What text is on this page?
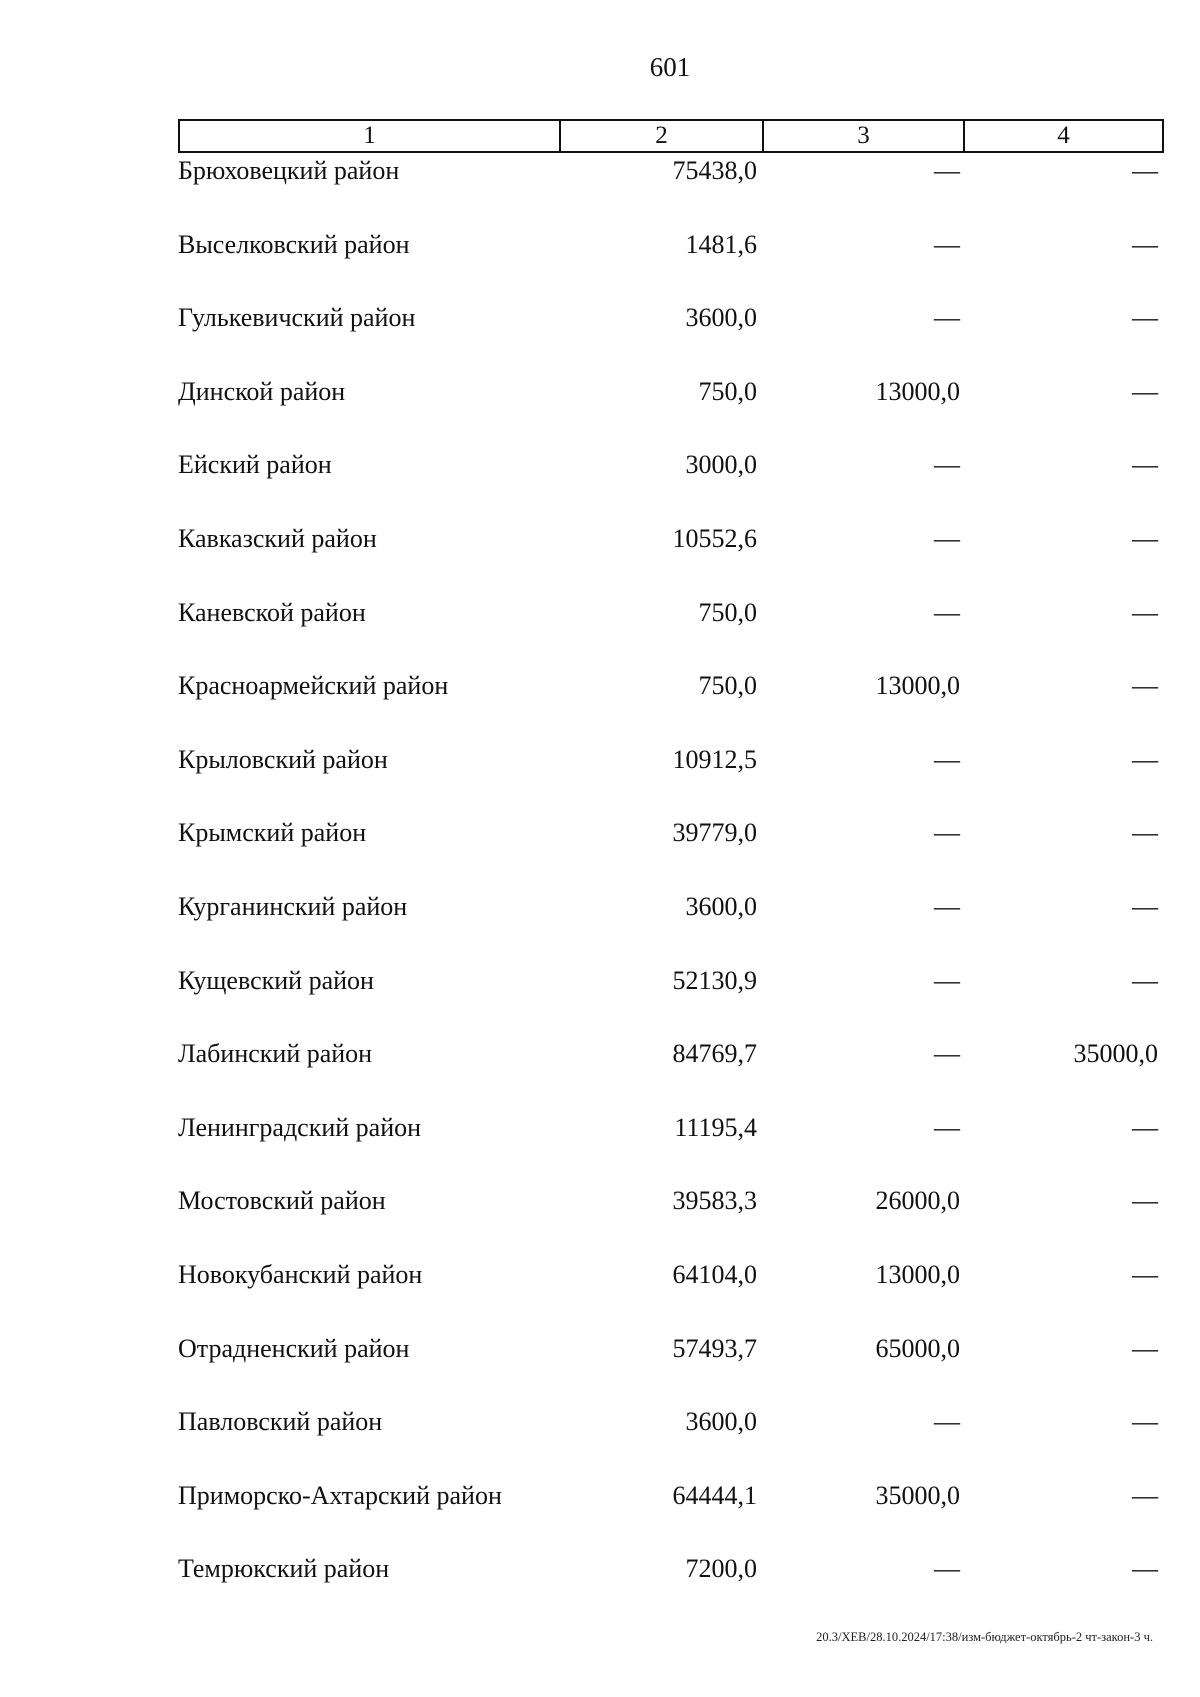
601
1	2	3	4
Брюховецкий район	75438,0	—	—
Выселковский район	1481,6	—	—
Гулькевичский район	3600,0	—	—
Динской район	750,0	13000,0	—
Ейский район	3000,0	—	—
Кавказский район	10552,6	—	—
Каневской район	750,0	—	—
Красноармейский район	750,0	13000,0	—
Крыловский район	10912,5	—	—
Крымский район	39779,0	—	—
Курганинский район	3600,0	—	—
Кущевский район	52130,9	—	—
Лабинский район	84769,7	—	35000,0
Ленинградский район	11195,4	—	—
Мостовский район	39583,3	26000,0	—
Новокубанский район	64104,0	13000,0	—
Отрадненский район	57493,7	65000,0	—
Павловский район	3600,0	—	—
Приморско-Ахтарский район	64444,1	35000,0	—
Темрюкский район	7200,0	—	—
20.3/ХЕВ/28.10.2024/17:38/изм-бюджет-октябрь-2 чт-закон-3 ч.
